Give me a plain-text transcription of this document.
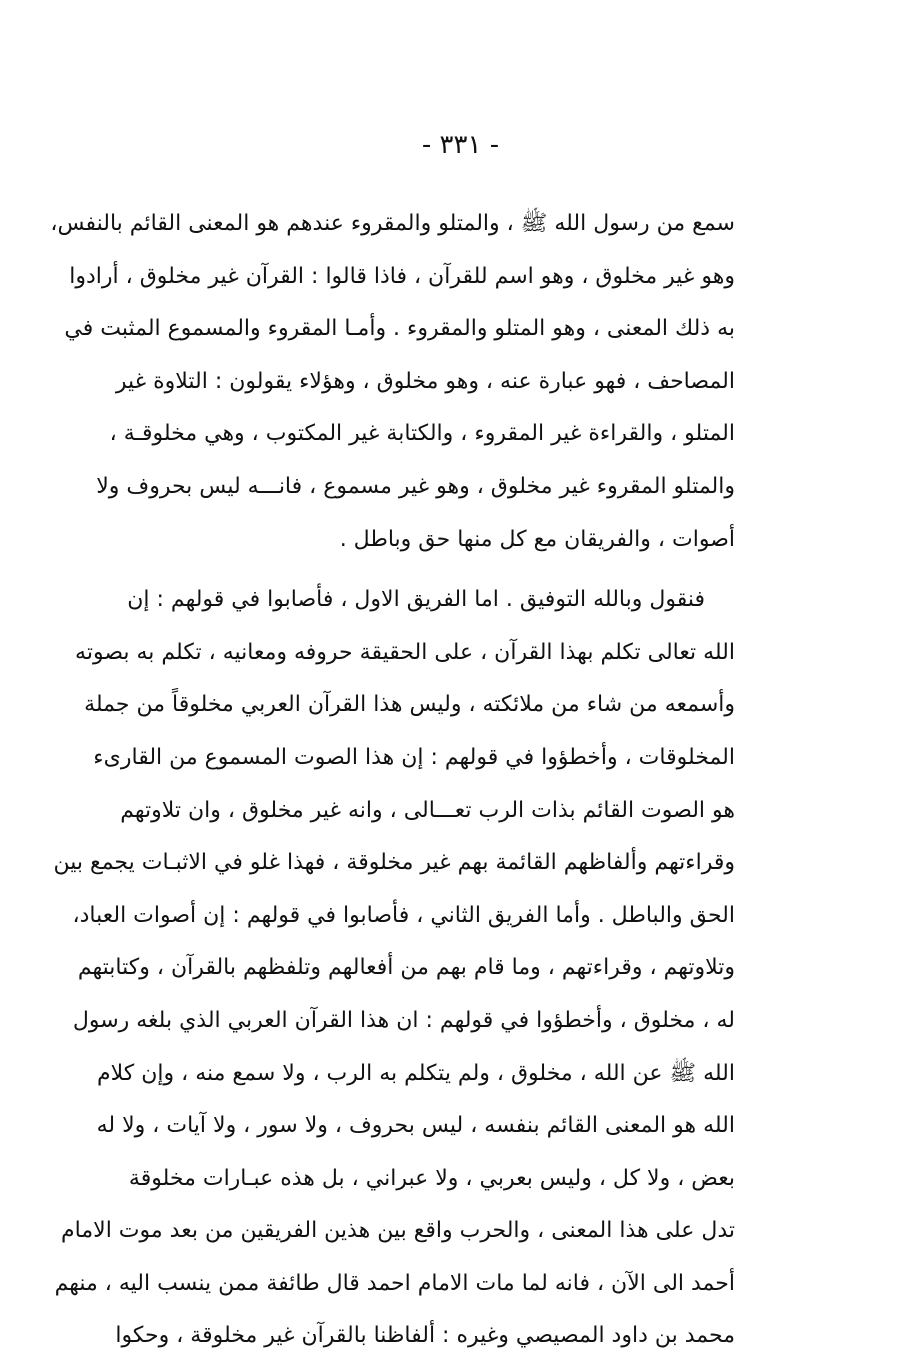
- ٣٣١ -
سمع من رسول الله ﷺ ، والمتلو والمقروء عندهم هو المعنى القائم بالنفس،
وهو غير مخلوق ، وهو اسم للقرآن ، فاذا قالوا : القرآن غير مخلوق ، أرادوا
به ذلك المعنى ، وهو المتلو والمقروء . وأمـا المقروء والمسموع المثبت في
المصاحف ، فهو عبارة عنه ، وهو مخلوق ، وهؤلاء يقولون : التلاوة غير
المتلو ، والقراءة غير المقروء ، والكتابة غير المكتوب ، وهي مخلوقـة ،
والمتلو المقروء غير مخلوق ، وهو غير مسموع ، فانـــه ليس بحروف ولا
أصوات ، والفريقان مع كل منها حق وباطل .
فنقول وبالله التوفيق . اما الفريق الاول ، فأصابوا في قولهم : إن
الله تعالى تكلم بهذا القرآن ، على الحقيقة حروفه ومعانيه ، تكلم به بصوته
وأسمعه من شاء من ملائكته ، وليس هذا القرآن العربي مخلوقاً من جملة
المخلوقات ، وأخطؤوا في قولهم : إن هذا الصوت المسموع من القارىء
هو الصوت القائم بذات الرب تعـــالى ، وانه غير مخلوق ، وان تلاوتهم
وقراءتهم وألفاظهم القائمة بهم غير مخلوقة ، فهذا غلو في الاثبـات يجمع بين
الحق والباطل . وأما الفريق الثاني ، فأصابوا في قولهم : إن أصوات العباد،
وتلاوتهم ، وقراءتهم ، وما قام بهم من أفعالهم وتلفظهم بالقرآن ، وكتابتهم
له ، مخلوق ، وأخطؤوا في قولهم : ان هذا القرآن العربي الذي بلغه رسول
الله ﷺ عن الله ، مخلوق ، ولم يتكلم به الرب ، ولا سمع منه ، وإن كلام
الله هو المعنى القائم بنفسه ، ليس بحروف ، ولا سور ، ولا آيات ، ولا له
بعض ، ولا كل ، وليس بعربي ، ولا عبراني ، بل هذه عبـارات مخلوقة
تدل على هذا المعنى ، والحرب واقع بين هذين الفريقين من بعد موت الامام
أحمد الى الآن ، فانه لما مات الامام احمد قال طائفة ممن ينسب اليه ، منهم
محمد بن داود المصيصي وغيره : ألفاظنا بالقرآن غير مخلوقة ، وحكوا
